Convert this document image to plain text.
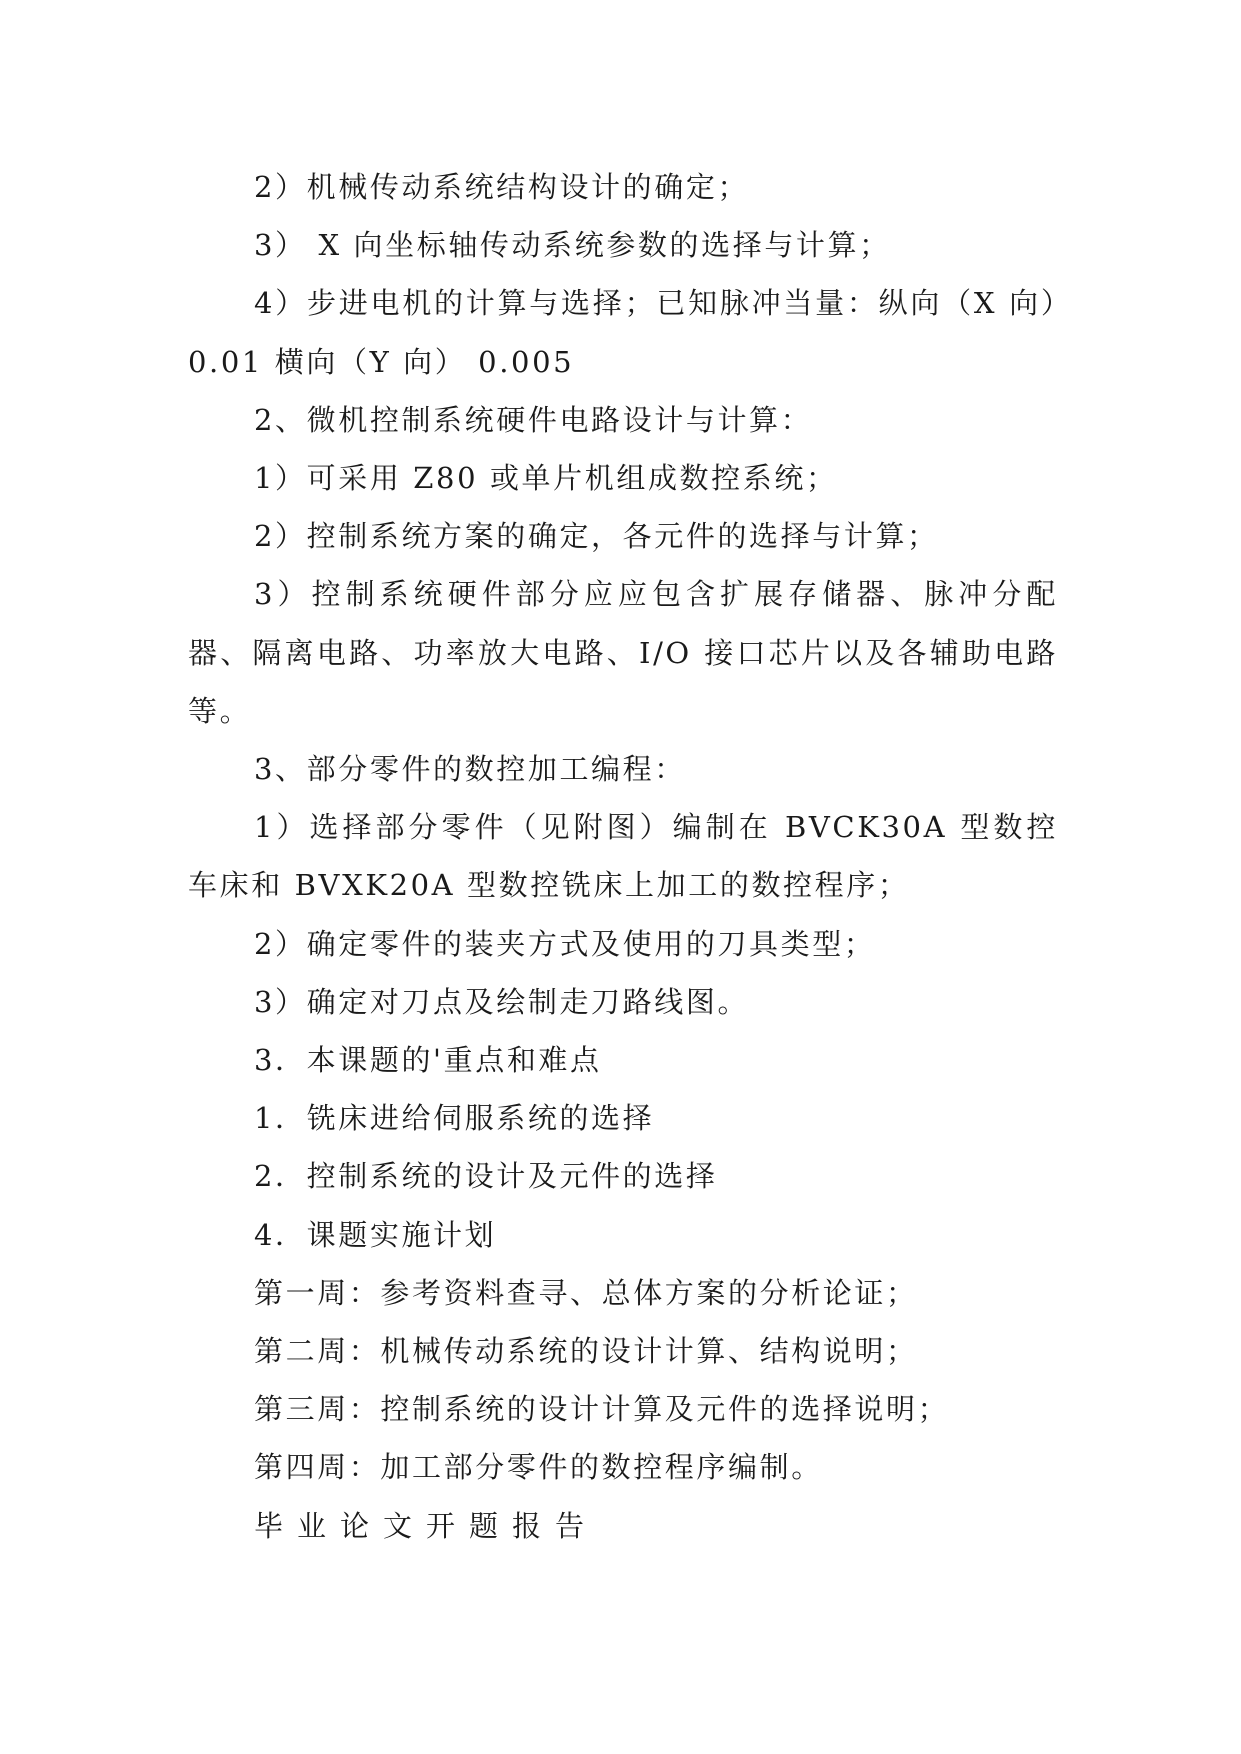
2）机械传动系统结构设计的确定；

3） X 向坐标轴传动系统参数的选择与计算；

4）步进电机的计算与选择；已知脉冲当量：纵向（X 向）0.01 横向（Y 向） 0.005

2、微机控制系统硬件电路设计与计算：

1）可采用 Z80 或单片机组成数控系统；

2）控制系统方案的确定，各元件的选择与计算；

3）控制系统硬件部分应应包含扩展存储器、脉冲分配器、隔离电路、功率放大电路、I/O 接口芯片以及各辅助电路等。

3、部分零件的数控加工编程：

1）选择部分零件（见附图）编制在 BVCK30A 型数控车床和 BVXK20A 型数控铣床上加工的数控程序；

2）确定零件的装夹方式及使用的刀具类型；

3）确定对刀点及绘制走刀路线图。

3．本课题的'重点和难点

1．铣床进给伺服系统的选择

2．控制系统的设计及元件的选择

4．课题实施计划

第一周：参考资料查寻、总体方案的分析论证；

第二周：机械传动系统的设计计算、结构说明；

第三周：控制系统的设计计算及元件的选择说明；

第四周：加工部分零件的数控程序编制。

毕业论文开题报告
